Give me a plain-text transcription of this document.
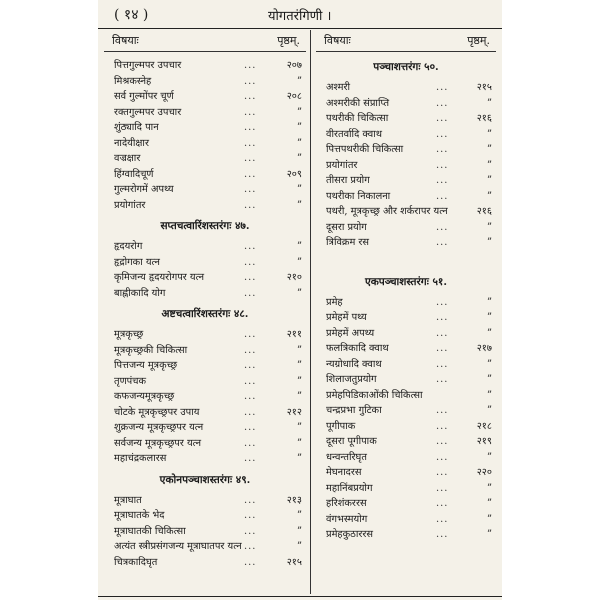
( १४ )	योगतरंगिणी ।
विषयाः	पृष्ठम्.
पित्तगुल्मपर उपचार	...	२०७
मिश्रकस्नेह	...	”
सर्व गुल्मोंपर चूर्ण	...	२०८
रक्तगुल्मपर उपचार	...	”
शुंठ्यादि पान	...	”
नादेयीक्षार	...	”
वज्रक्षार	...	”
हिंग्वादिचूर्ण	...	२०९
गुल्मरोगमें अपथ्य	...	”
प्रयोगांतर	...	”
सप्तचत्वारिंशस्तरंगः ४७.
हृदयरोग	...	”
हृद्रोगका यत्न	...	”
कृमिजन्य हृदयरोगपर यत्न	...	२१०
बाह्नीकादि योग	...	”
अष्टचत्वारिंशस्तरंगः ४८.
मूत्रकृच्छ्र	...	२११
मूत्रकृच्छ्रकी चिकित्सा	...	”
पित्तजन्य मूत्रकृच्छ्र	...	”
तृणपंचक	...	”
कफजन्यमूत्रकृच्छ्र	...	”
चोटके मूत्रकृच्छ्रपर उपाय	...	२१२
शुक्रजन्य मूत्रकृच्छ्रपर यत्न	...	”
सर्वजन्य मूत्रकृच्छ्रपर यत्न	...	”
महाचंद्रकलारस	...	”
एकोनपञ्चाशस्तरंगः ४९.
मूत्राघात	...	२१३
मूत्राघातके भेद	...	”
मूत्राघातकी चिकित्सा	...	”
अत्यंत स्त्रीप्रसंगजन्य मूत्राघातपर यत्न ...	”
चित्रकादिघृत	...	२१५
विषयाः	पृष्ठम्.
पञ्चाशत्तरंगः ५०.
अश्मरी	...	२१५
अश्मरीकी संप्राप्ति	...	”
पथरीकी चिकित्सा	...	२१६
वीरतर्वादि क्वाथ	...	”
पित्तपथरीकी चिकित्सा	...	”
प्रयोगांतर	...	”
तीसरा प्रयोग	...	”
पथरीका निकालना	...	”
पथरी, मूत्रकृच्छ्र और शर्करापर यत्न	२१६
दूसरा प्रयोग	...	”
त्रिविक्रम रस	...	”
एकपञ्चाशस्तरंगः ५१.
प्रमेह	...	”
प्रमेहमें पथ्य	...	”
प्रमेहमें अपथ्य	...	”
फलत्रिकादि क्वाथ	...	२१७
न्यग्रोधादि क्वाथ	...	”
शिलाजतुप्रयोग	...	”
प्रमेहपिडिकाओंकी चिकित्सा	”
चन्द्रप्रभा गुटिका	...	”
पूगीपाक	...	२१८
दूसरा पूगीपाक	...	२१९
धन्वन्तरिघृत	...	”
मेघनादरस	...	२२०
महानिंबप्रयोग	...	”
हरिशंकररस	...	”
वंगभस्मयोग	...	”
प्रमेहकुठाररस	...	”
